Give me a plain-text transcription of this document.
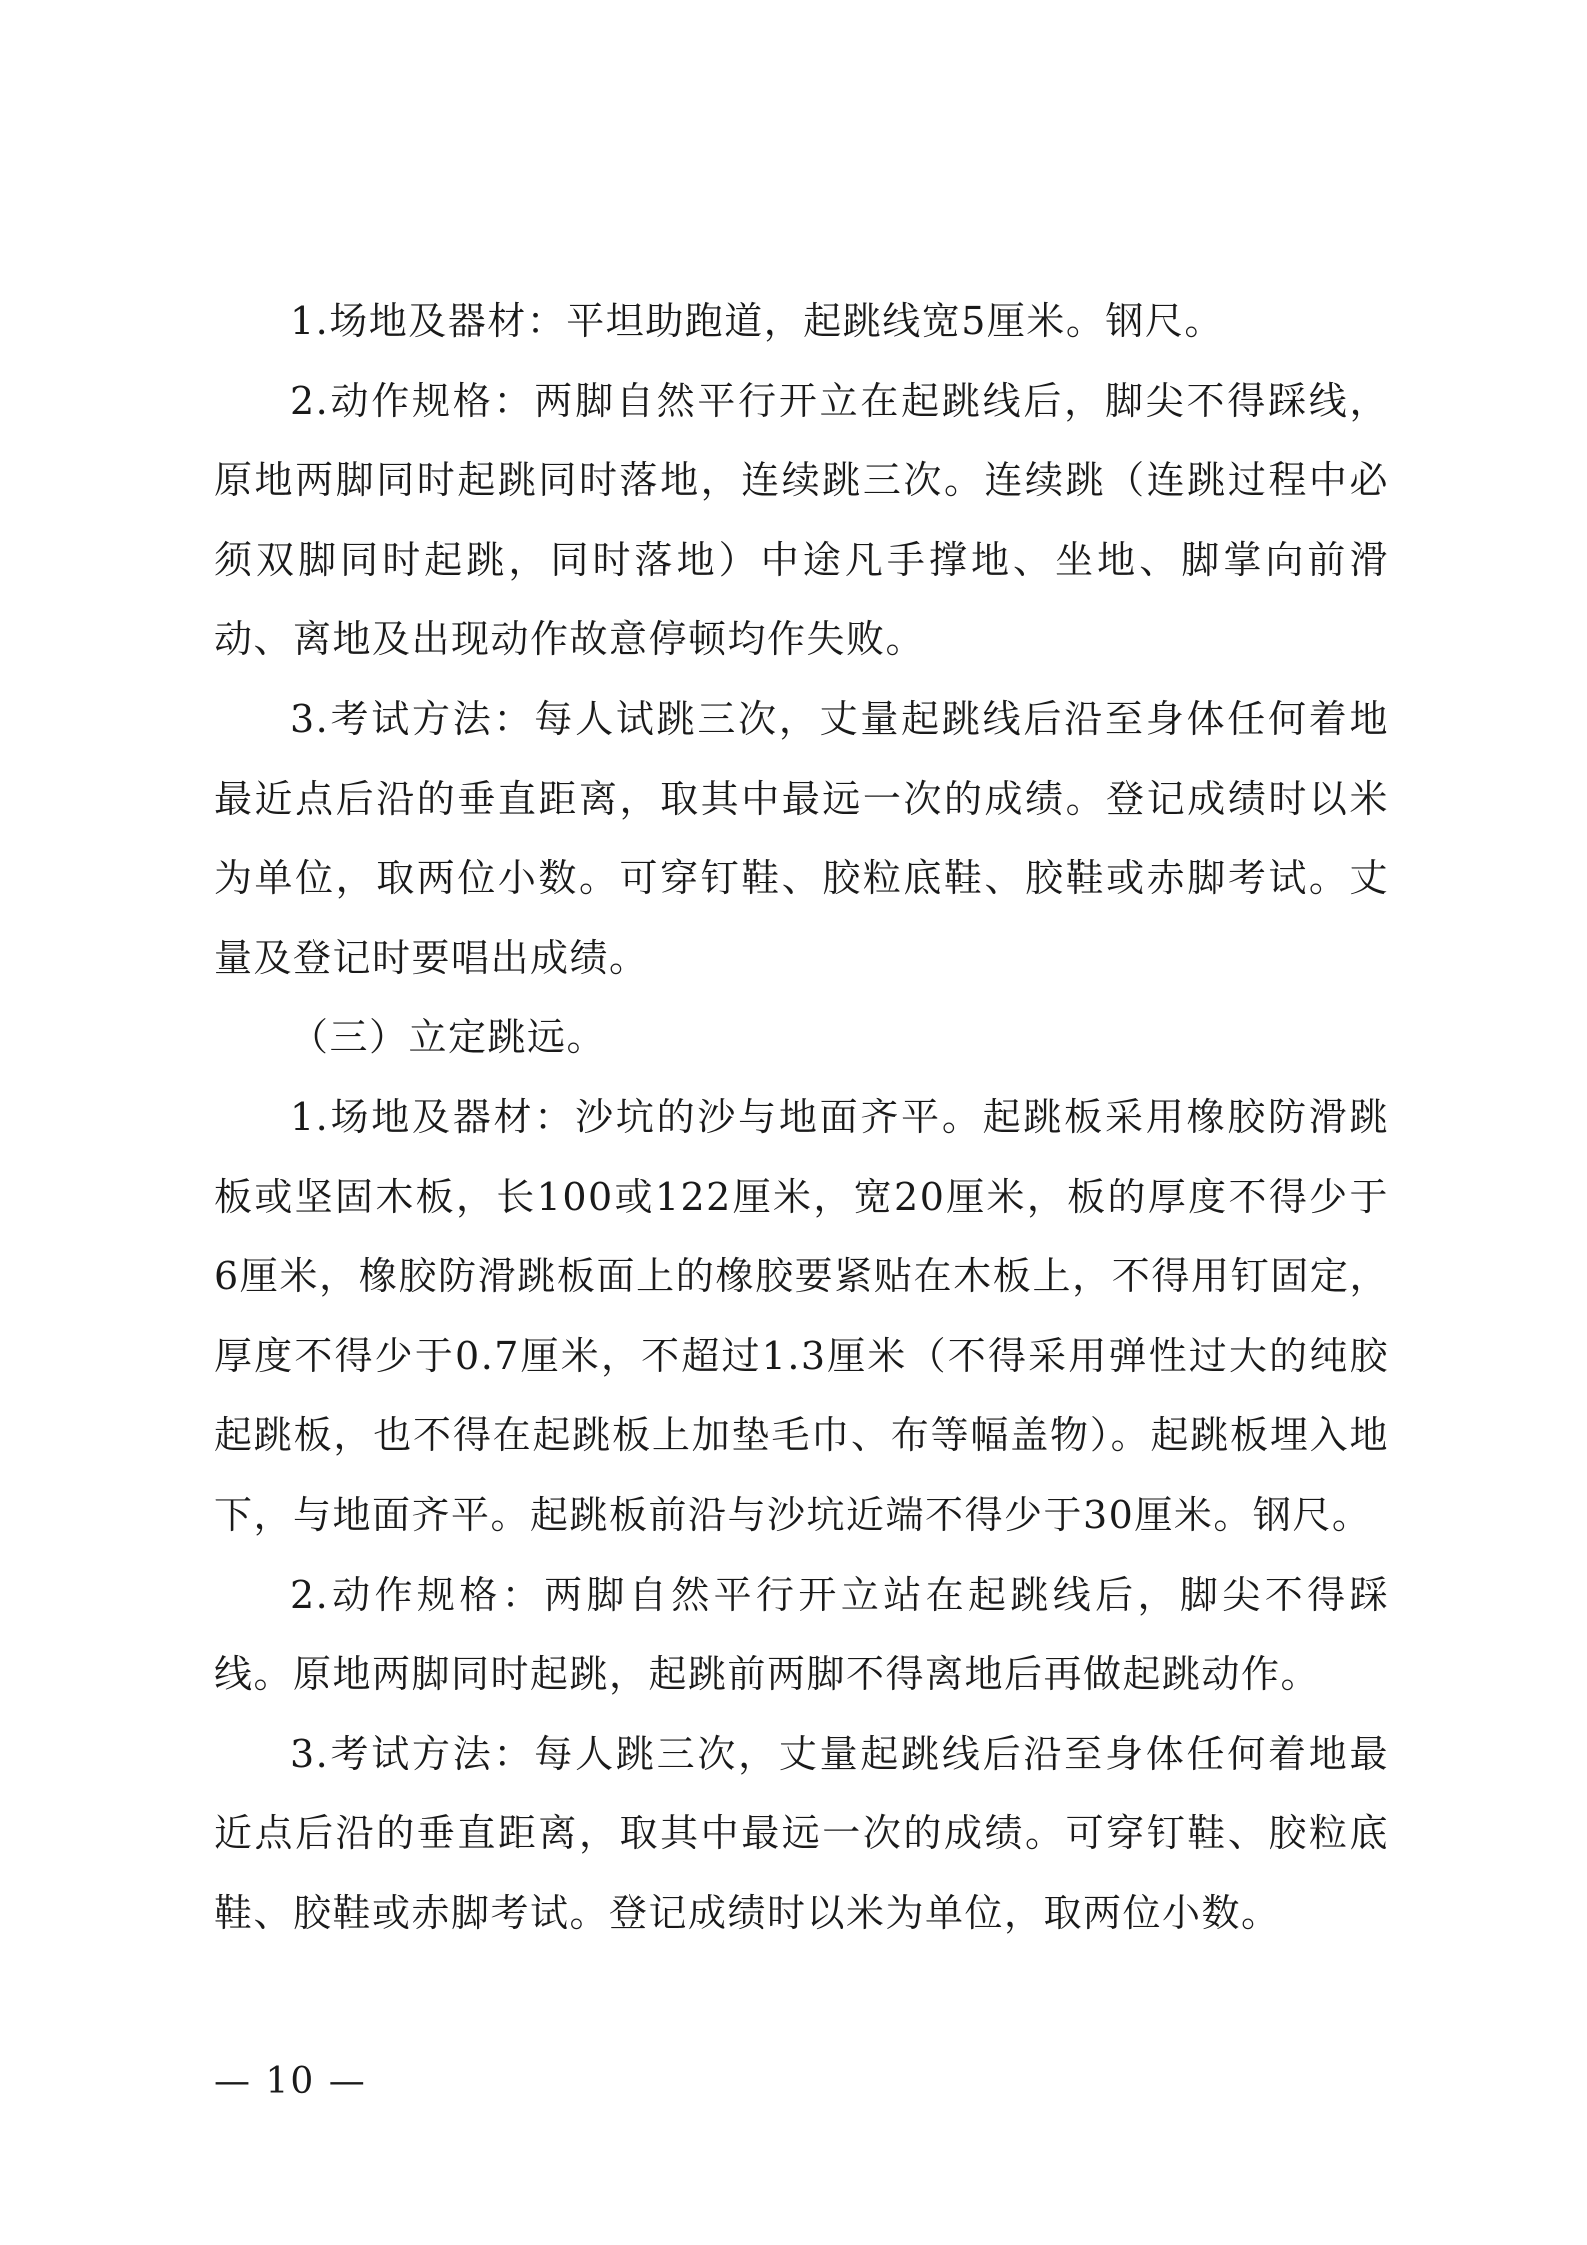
1.场地及器材：平坦助跑道，起跳线宽5厘米。钢尺。

2.动作规格：两脚自然平行开立在起跳线后，脚尖不得踩线，原地两脚同时起跳同时落地，连续跳三次。连续跳（连跳过程中必须双脚同时起跳，同时落地）中途凡手撑地、坐地、脚掌向前滑动、离地及出现动作故意停顿均作失败。

3.考试方法：每人试跳三次，丈量起跳线后沿至身体任何着地最近点后沿的垂直距离，取其中最远一次的成绩。登记成绩时以米为单位，取两位小数。可穿钉鞋、胶粒底鞋、胶鞋或赤脚考试。丈量及登记时要唱出成绩。

（三）立定跳远。

1.场地及器材：沙坑的沙与地面齐平。起跳板采用橡胶防滑跳板或坚固木板，长100或122厘米，宽20厘米，板的厚度不得少于6厘米，橡胶防滑跳板面上的橡胶要紧贴在木板上，不得用钉固定，厚度不得少于0.7厘米，不超过1.3厘米（不得采用弹性过大的纯胶起跳板，也不得在起跳板上加垫毛巾、布等幅盖物）。起跳板埋入地下，与地面齐平。起跳板前沿与沙坑近端不得少于30厘米。钢尺。

2.动作规格：两脚自然平行开立站在起跳线后，脚尖不得踩线。原地两脚同时起跳，起跳前两脚不得离地后再做起跳动作。

3.考试方法：每人跳三次，丈量起跳线后沿至身体任何着地最近点后沿的垂直距离，取其中最远一次的成绩。可穿钉鞋、胶粒底鞋、胶鞋或赤脚考试。登记成绩时以米为单位，取两位小数。

— 10 —
